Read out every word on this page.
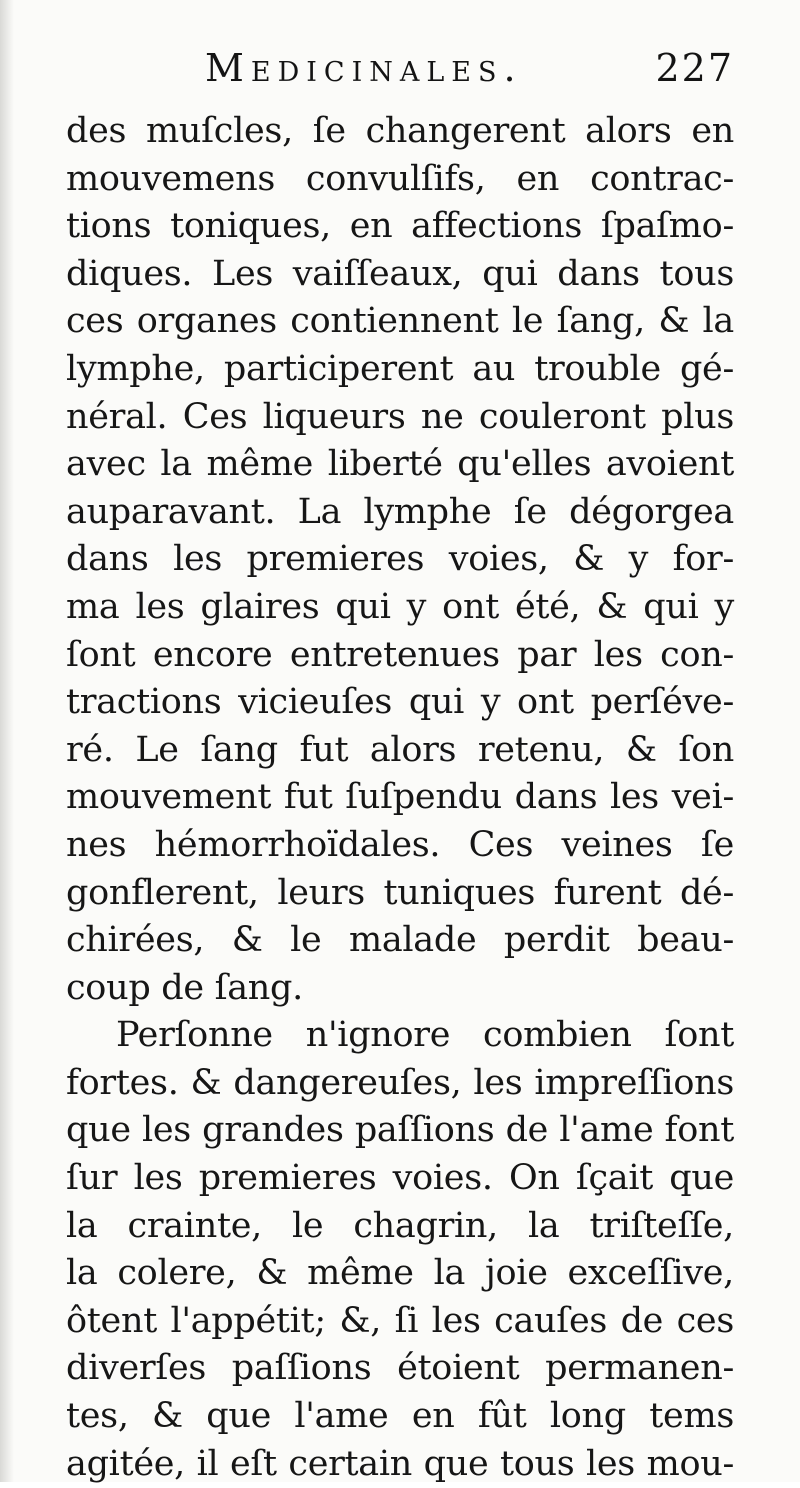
Medicinales.	227
des muſcles, ſe changerent alors en
mouvemens convulſifs, en contrac-
tions toniques, en affections ſpaſmo-
diques. Les vaiſſeaux, qui dans tous
ces organes contiennent le ſang, & la
lymphe, participerent au trouble gé-
néral. Ces liqueurs ne couleront plus
avec la même liberté qu'elles avoient
auparavant. La lymphe ſe dégorgea
dans les premieres voies, & y for-
ma les glaires qui y ont été, & qui y
ſont encore entretenues par les con-
tractions vicieuſes qui y ont perſéve-
ré. Le ſang fut alors retenu, & ſon
mouvement fut ſuſpendu dans les vei-
nes hémorrhoïdales. Ces veines ſe
gonflerent, leurs tuniques furent dé-
chirées, & le malade perdit beau-
coup de ſang.
Perſonne n'ignore combien ſont
fortes. & dangereuſes, les impreſſions
que les grandes paſſions de l'ame font
ſur les premieres voies. On ſçait que
la crainte, le chagrin, la triſteſſe,
la colere, & même la joie exceſſive,
ôtent l'appétit; &, ſi les cauſes de ces
diverſes paſſions étoient permanen-
tes, & que l'ame en fût long tems
agitée, il eſt certain que tous les mou-
